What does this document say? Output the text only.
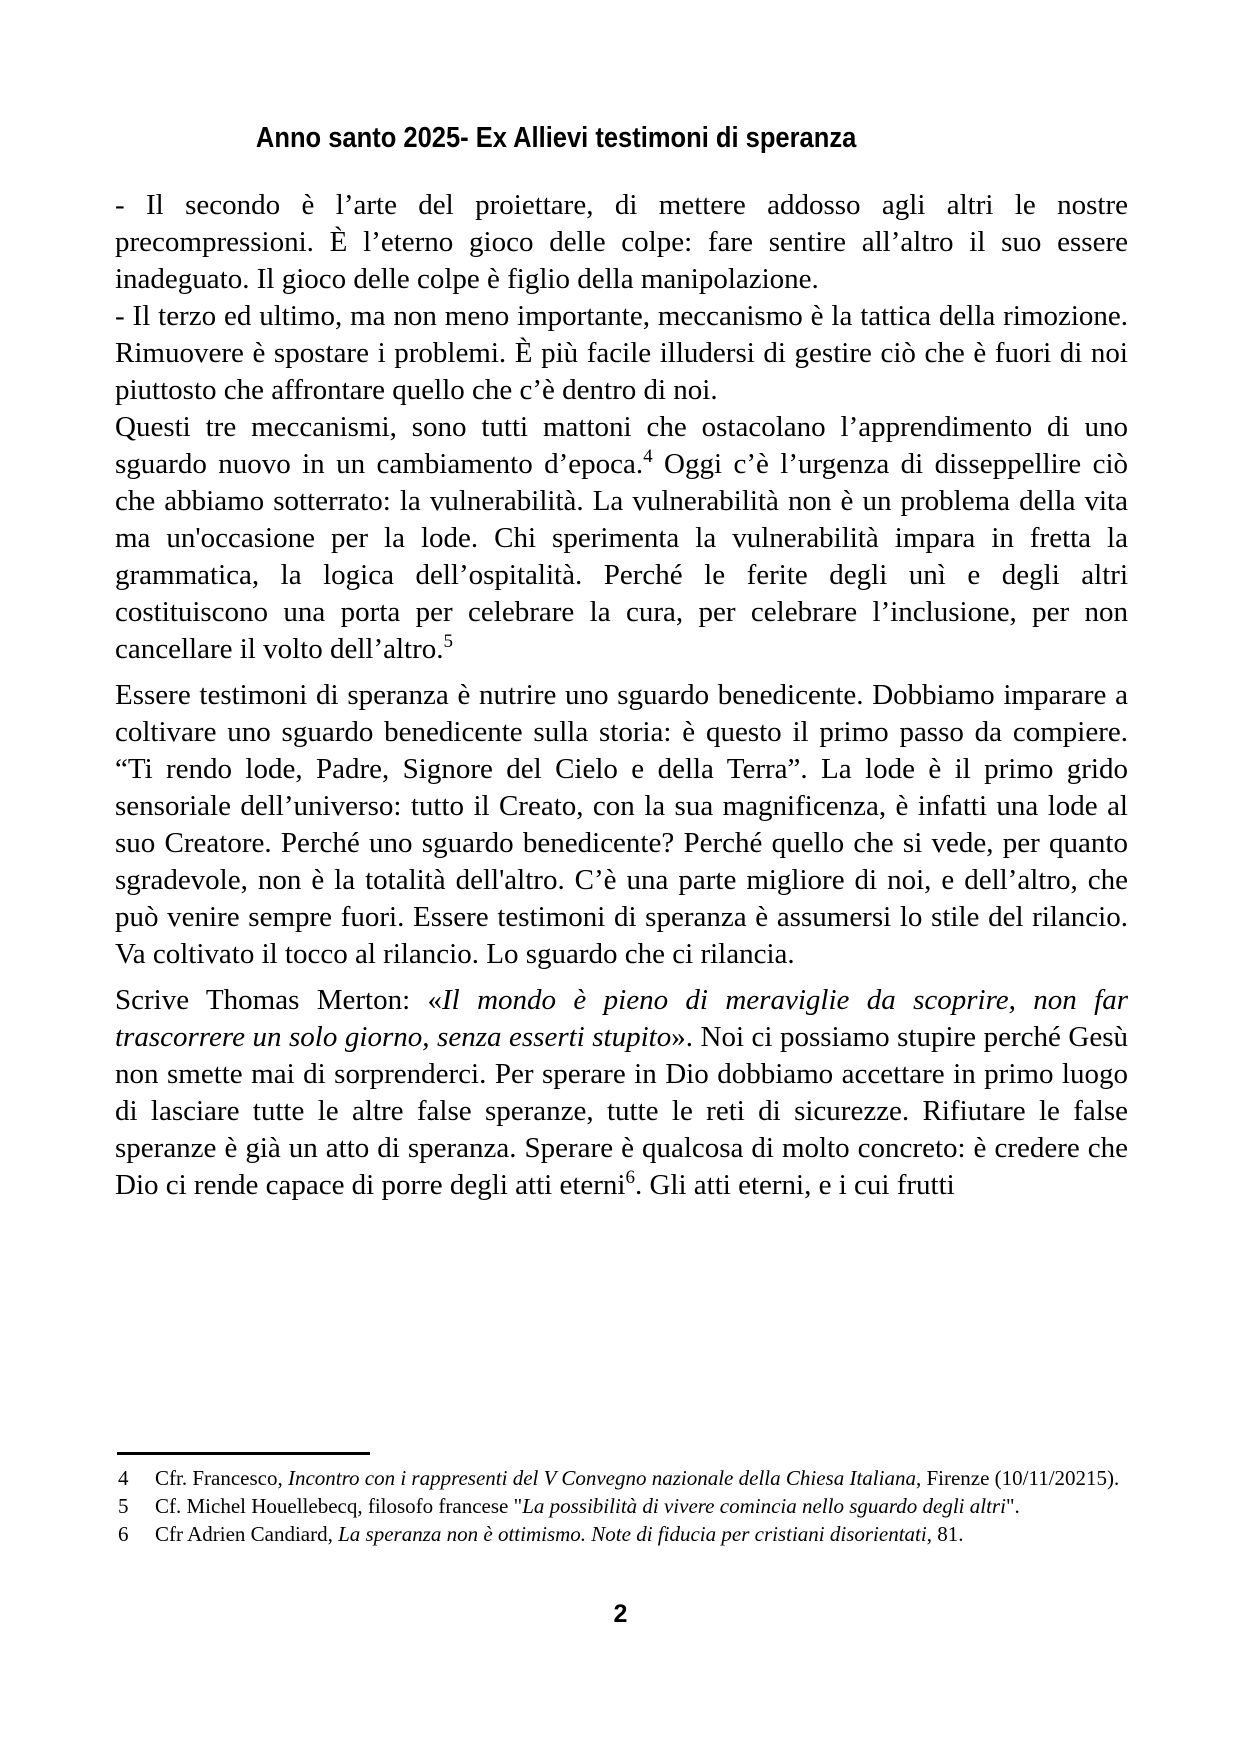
Anno santo 2025- Ex Allievi testimoni di speranza

- Il secondo è l’arte del proiettare, di mettere addosso agli altri le nostre precompressioni. È l’eterno gioco delle colpe: fare sentire all’altro il suo essere inadeguato. Il gioco delle colpe è figlio della manipolazione.

- Il terzo ed ultimo, ma non meno importante, meccanismo è la tattica della rimozione. Rimuovere è spostare i problemi. È più facile illudersi di gestire ciò che è fuori di noi piuttosto che affrontare quello che c’è dentro di noi.

Questi tre meccanismi, sono tutti mattoni che ostacolano l’apprendimento di uno sguardo nuovo in un cambiamento d’epoca.$^4$ Oggi c’è l’urgenza di disseppellire ciò che abbiamo sotterrato: la vulnerabilità. La vulnerabilità non è un problema della vita ma un'occasione per la lode. Chi sperimenta la vulnerabilità impara in fretta la grammatica, la logica dell’ospitalità. Perché le ferite degli unì e degli altri costituiscono una porta per celebrare la cura, per celebrare l’inclusione, per non cancellare il volto dell’altro.$^5$

Essere testimoni di speranza è nutrire uno sguardo benedicente. Dobbiamo imparare a coltivare uno sguardo benedicente sulla storia: è questo il primo passo da compiere. “Ti rendo lode, Padre, Signore del Cielo e della Terra”. La lode è il primo grido sensoriale dell’universo: tutto il Creato, con la sua magnificenza, è infatti una lode al suo Creatore. Perché uno sguardo benedicente? Perché quello che si vede, per quanto sgradevole, non è la totalità dell'altro. C’è una parte migliore di noi, e dell’altro, che può venire sempre fuori. Essere testimoni di speranza è assumersi lo stile del rilancio. Va coltivato il tocco al rilancio. Lo sguardo che ci rilancia.

Scrive Thomas Merton: «Il mondo è pieno di meraviglie da scoprire, non far trascorrere un solo giorno, senza esserti stupito». Noi ci possiamo stupire perché Gesù non smette mai di sorprenderci. Per sperare in Dio dobbiamo accettare in primo luogo di lasciare tutte le altre false speranze, tutte le reti di sicurezze. Rifiutare le false speranze è già un atto di speranza. Sperare è qualcosa di molto concreto: è credere che Dio ci rende capace di porre degli atti eterni$^6$. Gli atti eterni, e i cui frutti

4	Cfr. Francesco, Incontro con i rappresenti del V Convegno nazionale della Chiesa Italiana, Firenze (10/11/20215).
5	Cf. Michel Houellebecq, filosofo francese "La possibilità di vivere comincia nello sguardo degli altri".
6	Cfr Adrien Candiard, La speranza non è ottimismo. Note di fiducia per cristiani disorientati, 81.
2
